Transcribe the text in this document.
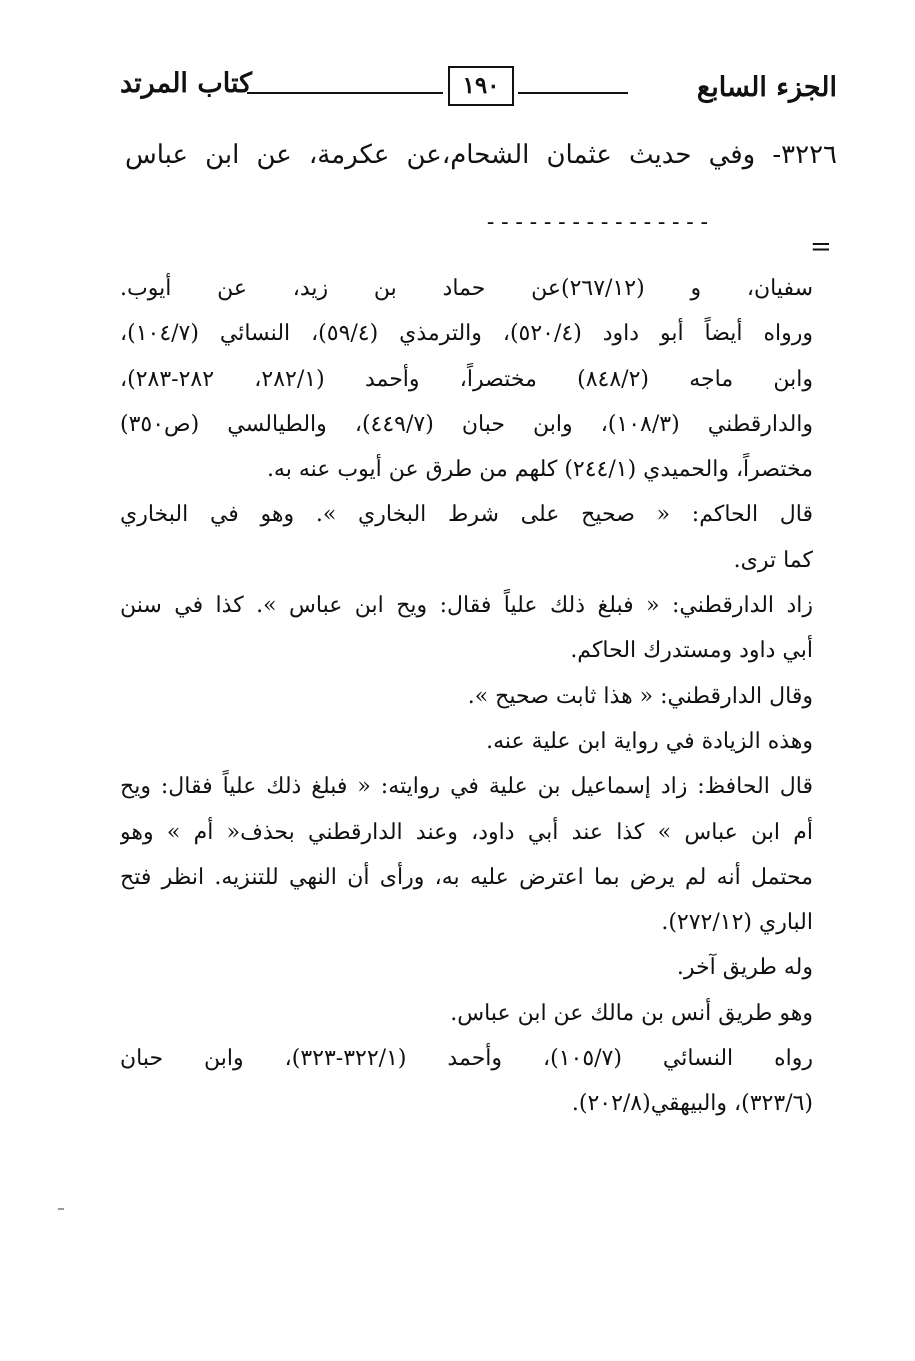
الجزء السابع
١٩٠
كتاب المرتد
٣٢٢٦- وفي حديث عثمان الشحام،عن عكرمة، عن ابن عباس
----------------
=
سفيان، و (٢٦٧/١٢)عن حماد بن زيد، عن أيوب.
ورواه أيضاً أبو داود (٥٢٠/٤)، والترمذي (٥٩/٤)، النسائي (١٠٤/٧)،
وابن ماجه (٨٤٨/٢) مختصراً، وأحمد (٢٨٢/١، ٢٨٢-٢٨٣)،
والدارقطني (١٠٨/٣)، وابن حبان (٤٤٩/٧)، والطيالسي (ص٣٥٠)
مختصراً، والحميدي (٢٤٤/١) كلهم من طرق عن أيوب عنه به.
قال الحاكم: « صحيح على شرط البخاري ». وهو في البخاري
كما ترى.
زاد الدارقطني: « فبلغ ذلك علياً فقال: ويح ابن عباس ». كذا في سنن
أبي داود ومستدرك الحاكم.
وقال الدارقطني: « هذا ثابت صحيح ».
وهذه الزيادة في رواية ابن علية عنه.
قال الحافظ: زاد إسماعيل بن علية في روايته: « فبلغ ذلك علياً فقال: ويح
أم ابن عباس » كذا عند أبي داود، وعند الدارقطني بحذف« أم » وهو
محتمل أنه لم يرض بما اعترض عليه به، ورأى أن النهي للتنزيه. انظر فتح
الباري (٢٧٢/١٢).
وله طريق آخر.
وهو طريق أنس بن مالك عن ابن عباس.
رواه النسائي (١٠٥/٧)، وأحمد (٣٢٢/١-٣٢٣)، وابن حبان
(٣٢٣/٦)، والبيهقي(٢٠٢/٨).
